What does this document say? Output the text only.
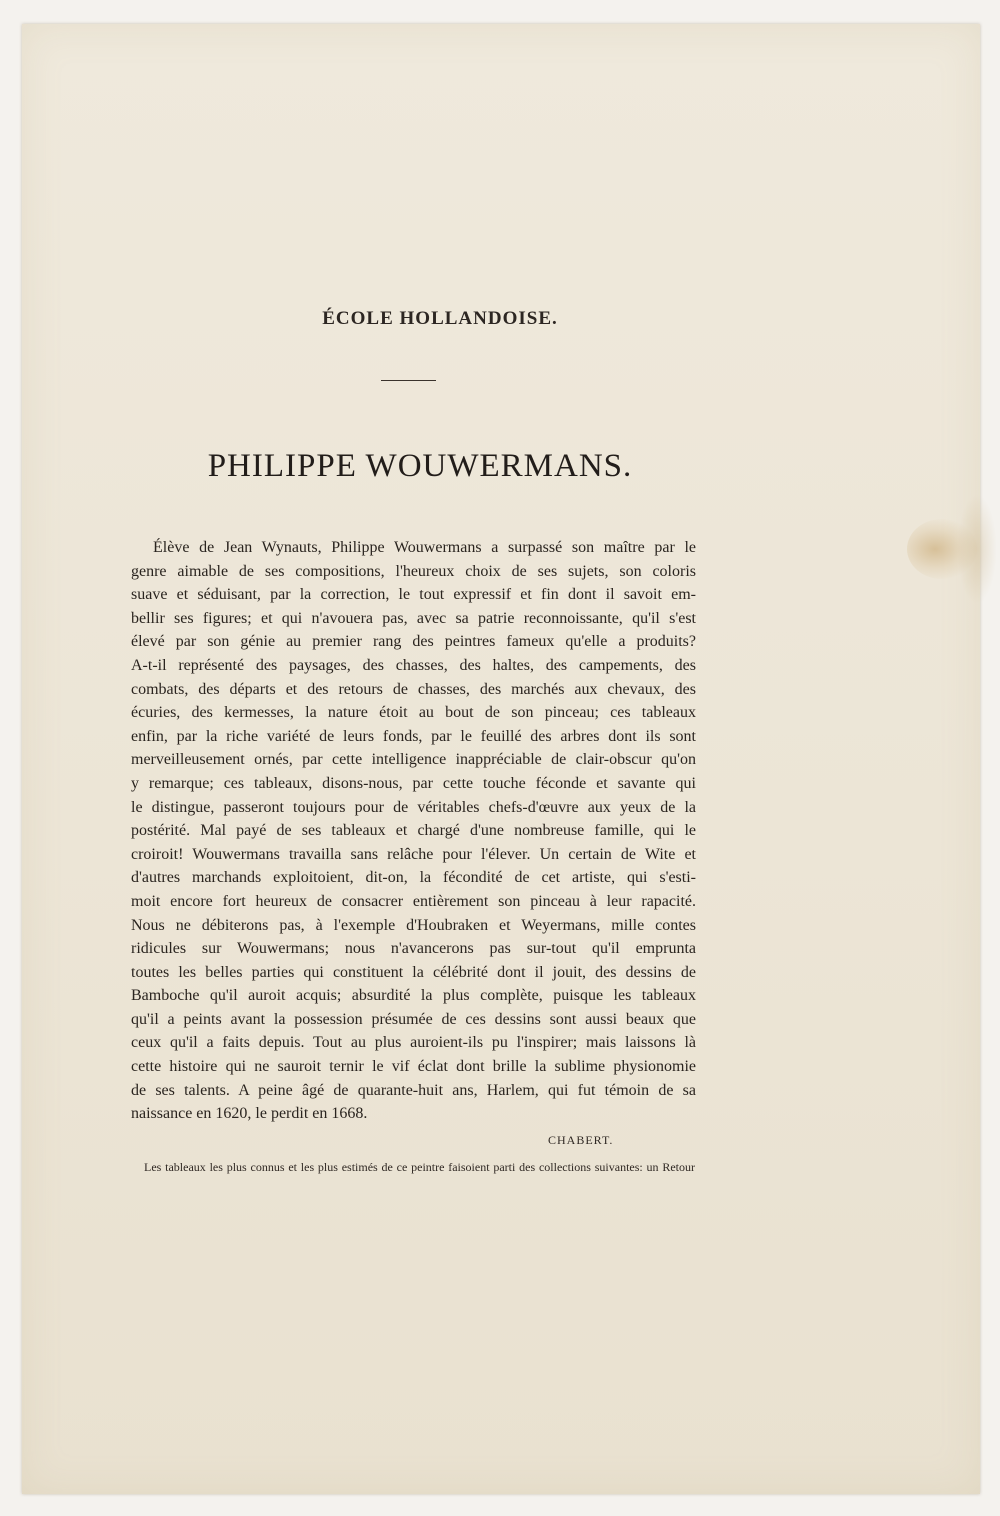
ÉCOLE HOLLANDOISE.
PHILIPPE WOUWERMANS.
Élève de Jean Wynauts, Philippe Wouwermans a surpassé son maître par le
genre aimable de ses compositions, l'heureux choix de ses sujets, son coloris
suave et séduisant, par la correction, le tout expressif et fin dont il savoit em-
bellir ses figures; et qui n'avouera pas, avec sa patrie reconnoissante, qu'il s'est
élevé par son génie au premier rang des peintres fameux qu'elle a produits?
A-t-il représenté des paysages, des chasses, des haltes, des campements, des
combats, des départs et des retours de chasses, des marchés aux chevaux, des
écuries, des kermesses, la nature étoit au bout de son pinceau; ces tableaux
enfin, par la riche variété de leurs fonds, par le feuillé des arbres dont ils sont
merveilleusement ornés, par cette intelligence inappréciable de clair-obscur qu'on
y remarque; ces tableaux, disons-nous, par cette touche féconde et savante qui
le distingue, passeront toujours pour de véritables chefs-d'œuvre aux yeux de la
postérité. Mal payé de ses tableaux et chargé d'une nombreuse famille, qui le
croiroit! Wouwermans travailla sans relâche pour l'élever. Un certain de Wite et
d'autres marchands exploitoient, dit-on, la fécondité de cet artiste, qui s'esti-
moit encore fort heureux de consacrer entièrement son pinceau à leur rapacité.
Nous ne débiterons pas, à l'exemple d'Houbraken et Weyermans, mille contes
ridicules sur Wouwermans; nous n'avancerons pas sur-tout qu'il emprunta
toutes les belles parties qui constituent la célébrité dont il jouit, des dessins de
Bamboche qu'il auroit acquis; absurdité la plus complète, puisque les tableaux
qu'il a peints avant la possession présumée de ces dessins sont aussi beaux que
ceux qu'il a faits depuis. Tout au plus auroient-ils pu l'inspirer; mais laissons là
cette histoire qui ne sauroit ternir le vif éclat dont brille la sublime physionomie
de ses talents. A peine âgé de quarante-huit ans, Harlem, qui fut témoin de sa
naissance en 1620, le perdit en 1668.
CHABERT.
Les tableaux les plus connus et les plus estimés de ce peintre faisoient parti des collections suivantes: un Retour
